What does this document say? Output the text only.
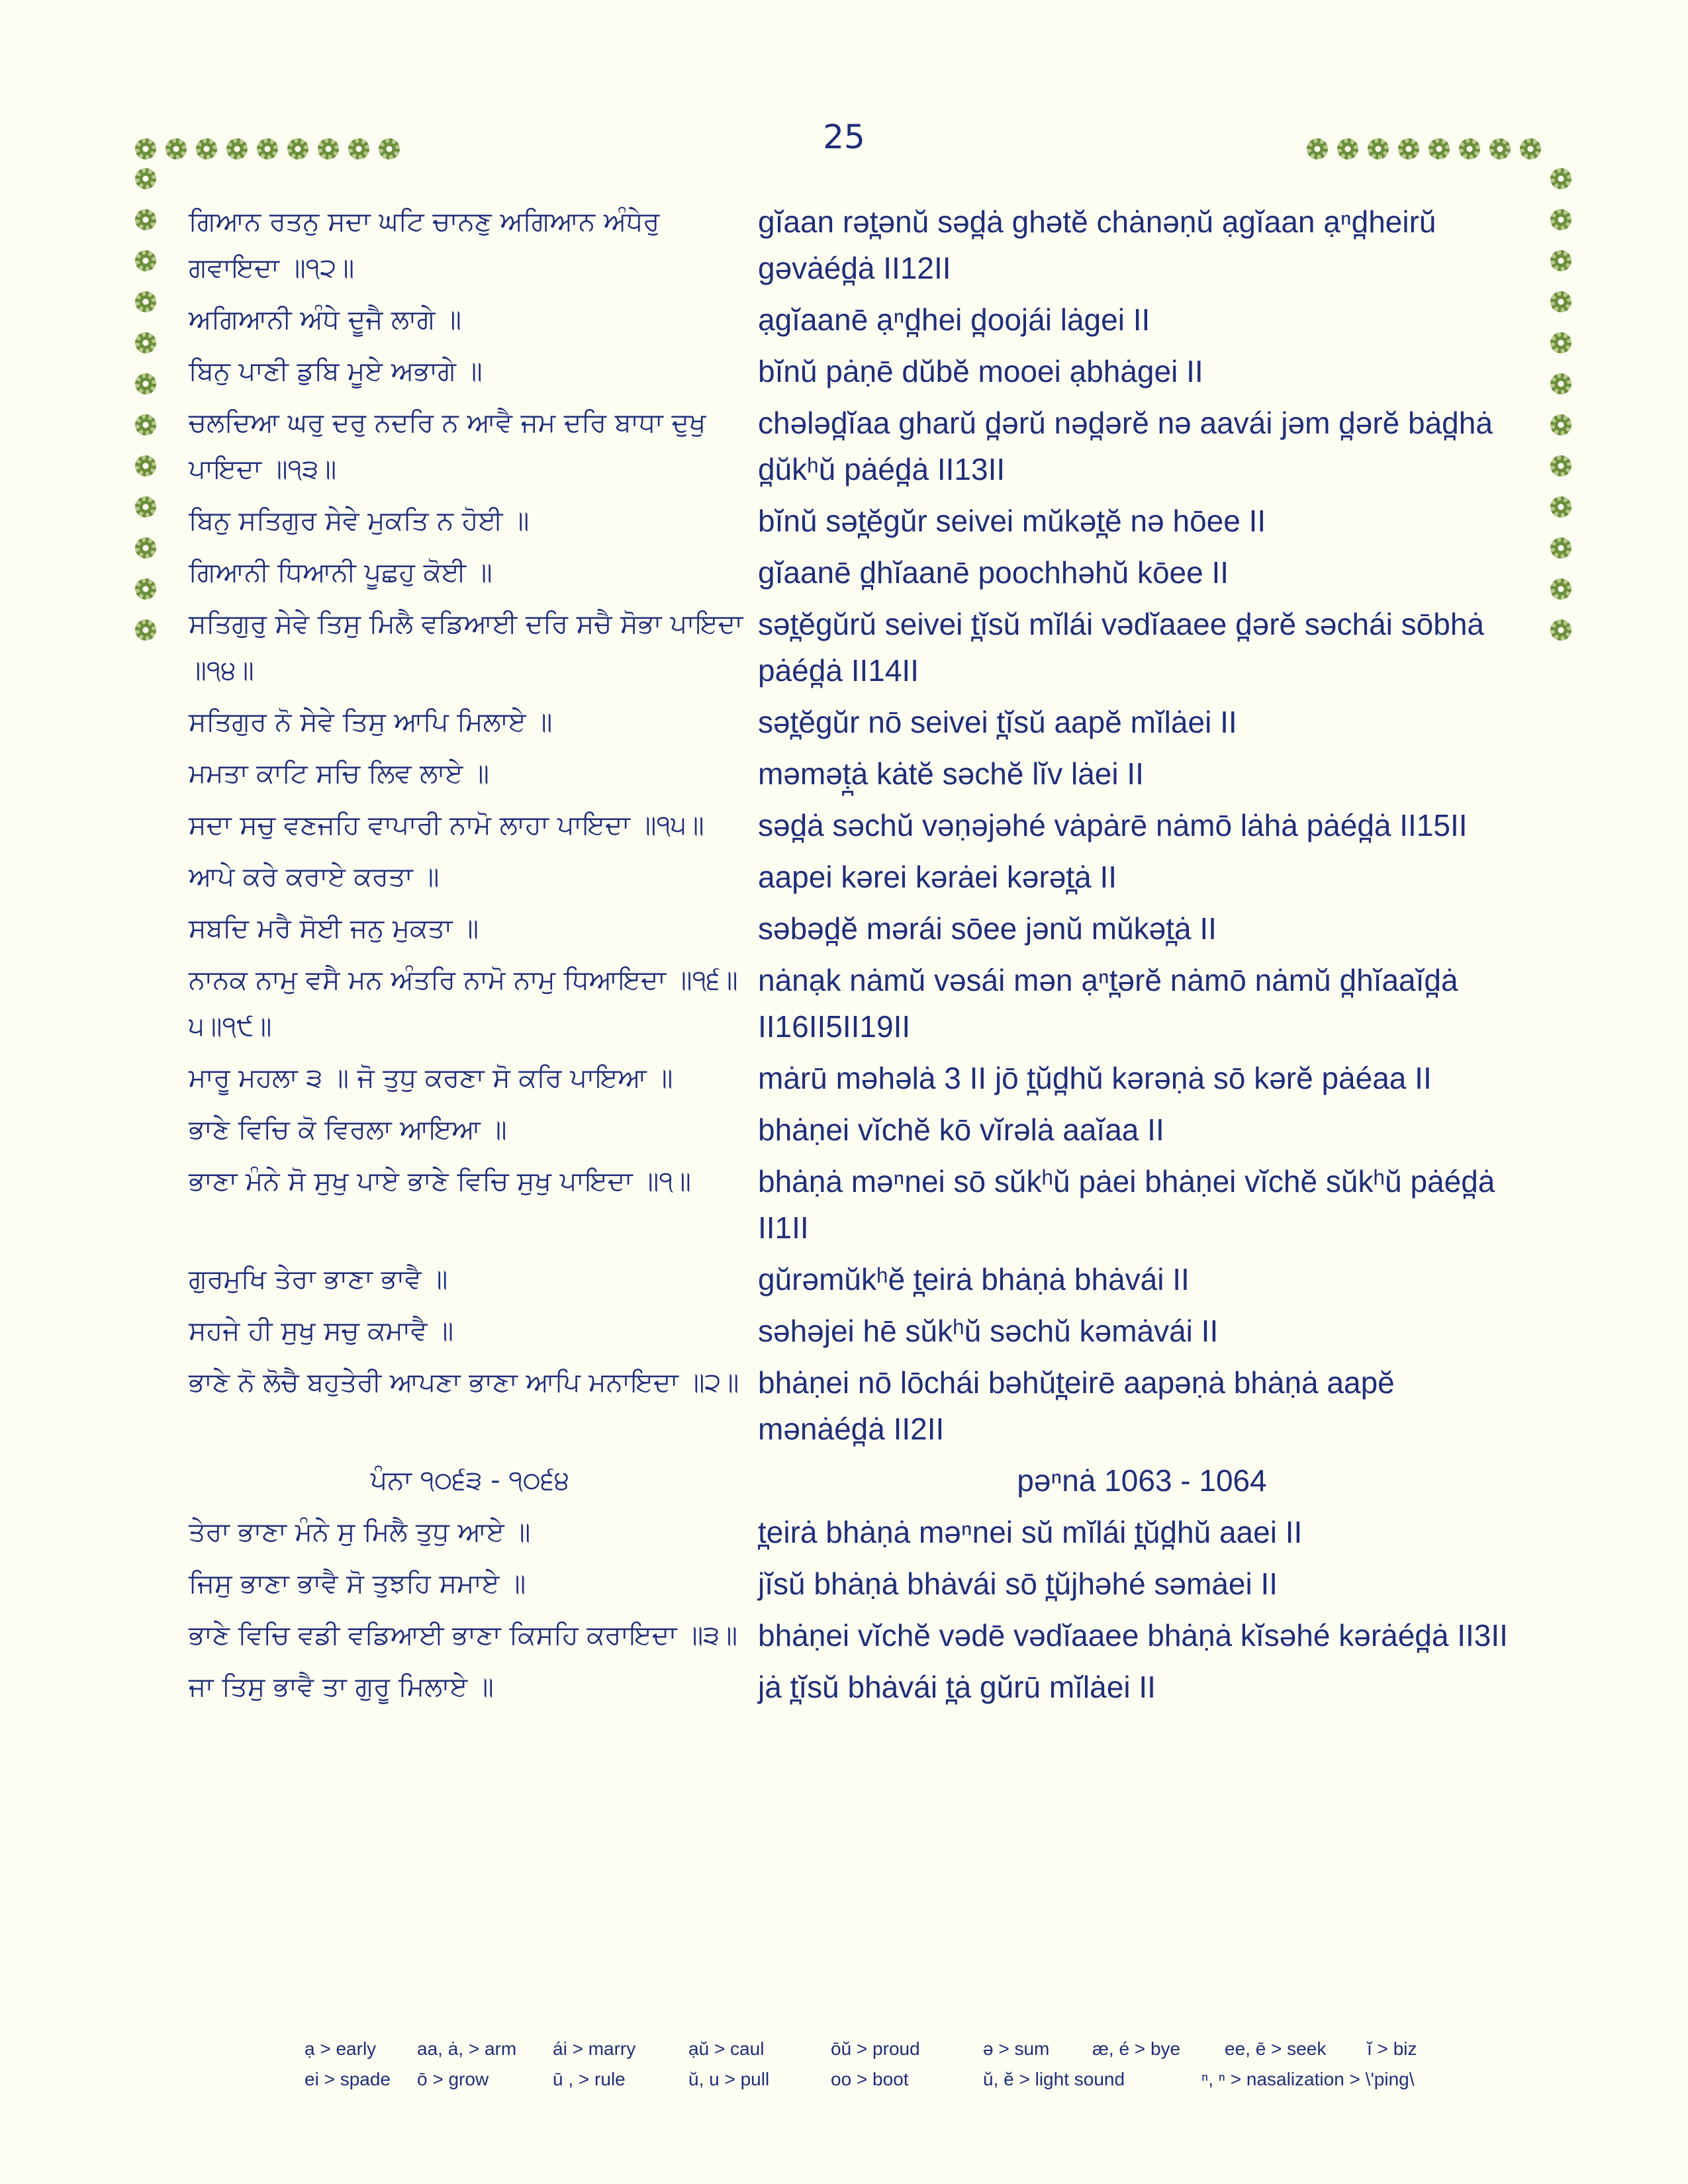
25
ਗਿਆਨ ਰਤਨੁ ਸਦਾ ਘਟਿ ਚਾਨਣੁ ਅਗਿਆਨ ਅੰਧੇਰੁ ਗਵਾਇਦਾ ॥੧੨॥
gĭaan rət̪ənŭ səd̪ȧ ghətĕ chȧnəṇŭ ạgĭaan ạⁿd̪heirŭ gəvȧéd̪ȧ II12II
ਅਗਿਆਨੀ ਅੰਧੇ ਦੂਜੈ ਲਾਗੇ ॥	ạgĭaanē ạⁿd̪hei d̪oojái lȧgei II
ਬਿਨੁ ਪਾਣੀ ਡੁਬਿ ਮੂਏ ਅਭਾਗੇ ॥	bĭnŭ pȧṇē dŭbĕ mooei ạbhȧgei II
ਚਲਦਿਆ ਘਰੁ ਦਰੁ ਨਦਰਿ ਨ ਆਵੈ ਜਮ ਦਰਿ ਬਾਧਾ ਦੁਖੁ ਪਾਇਦਾ ॥੧੩॥
chələd̪ĭaa gharŭ d̪ərŭ nəd̪ərĕ nə aavái jəm d̪ərĕ bȧd̪hȧ d̪ŭkʰŭ pȧéd̪ȧ II13II
ਬਿਨੁ ਸਤਿਗੁਰ ਸੇਵੇ ਮੁਕਤਿ ਨ ਹੋਈ ॥	bĭnŭ sət̪ĕgŭr seivei mŭkət̪ĕ nə hōee II
ਗਿਆਨੀ ਧਿਆਨੀ ਪੂਛਹੁ ਕੋਈ ॥	gĭaanē d̪hĭaanē poochhəhŭ kōee II
ਸਤਿਗੁਰੁ ਸੇਵੇ ਤਿਸੁ ਮਿਲੈ ਵਡਿਆਈ ਦਰਿ ਸਚੈ ਸੋਭਾ ਪਾਇਦਾ ॥੧੪॥
sət̪ĕgŭrŭ seivei t̪ĭsŭ mĭlái vədĭaaee d̪ərĕ səchái sōbhȧ pȧéd̪ȧ II14II
ਸਤਿਗੁਰ ਨੋ ਸੇਵੇ ਤਿਸੁ ਆਪਿ ਮਿਲਾਏ ॥	sət̪ĕgŭr nō seivei t̪ĭsŭ aapĕ mĭlȧei II
ਮਮਤਾ ਕਾਟਿ ਸਚਿ ਲਿਵ ਲਾਏ ॥	məməṭ̪ȧ kȧtĕ səchĕ lĭv lȧei II
ਸਦਾ ਸਚੁ ਵਣਜਹਿ ਵਾਪਾਰੀ ਨਾਮੋ ਲਾਹਾ ਪਾਇਦਾ ॥੧੫॥	səd̪ȧ səchŭ vəṇəjəhé vȧpȧrē nȧmō lȧhȧ pȧéd̪ȧ II15II
ਆਪੇ ਕਰੇ ਕਰਾਏ ਕਰਤਾ ॥	aapei kərei kərȧei kərət̪ȧ II
ਸਬਦਿ ਮਰੈ ਸੋਈ ਜਨੁ ਮੁਕਤਾ ॥	səbəd̪ĕ mərái sōee jənŭ mŭkət̪ȧ II
ਨਾਨਕ ਨਾਮੁ ਵਸੈ ਮਨ ਅੰਤਰਿ ਨਾਮੋ ਨਾਮੁ ਧਿਆਇਦਾ ॥੧੬॥੫॥੧੯॥
nȧnạk nȧmŭ vəsái mən ạⁿt̪ərĕ nȧmō nȧmŭ d̪hĭaaĭd̪ȧ II16II5II19II
ਮਾਰੂ ਮਹਲਾ ੩ ॥ ਜੋ ਤੁਧੁ ਕਰਣਾ ਸੋ ਕਰਿ ਪਾਇਆ ॥	mȧrū məhəlȧ 3 II jō t̪ŭd̪hŭ kərəṇȧ sō kərĕ pȧéaa II
ਭਾਣੇ ਵਿਚਿ ਕੋ ਵਿਰਲਾ ਆਇਆ ॥	bhȧṇei vĭchĕ kō vĭrəlȧ aaĭaa II
ਭਾਣਾ ਮੰਨੇ ਸੋ ਸੁਖੁ ਪਾਏ ਭਾਣੇ ਵਿਚਿ ਸੁਖੁ ਪਾਇਦਾ ॥੧॥	bhȧṇȧ məⁿnei sō sŭkʰŭ pȧei bhȧṇei vĭchĕ sŭkʰŭ pȧéd̪ȧ II1II
ਗੁਰਮੁਖਿ ਤੇਰਾ ਭਾਣਾ ਭਾਵੈ ॥	gŭrəmŭkʰĕ t̪eirȧ bhȧṇȧ bhȧvái II
ਸਹਜੇ ਹੀ ਸੁਖੁ ਸਚੁ ਕਮਾਵੈ ॥	səhəjei hē sŭkʰŭ səchŭ kəmȧvái II
ਭਾਣੇ ਨੋ ਲੋਚੈ ਬਹੁਤੇਰੀ ਆਪਣਾ ਭਾਣਾ ਆਪਿ ਮਨਾਇਦਾ ॥੨॥ bhȧṇei nō lōchái bəhŭt̪eirē aapəṇȧ bhȧṇȧ aapĕ mənȧéd̪ȧ II2II
ਪੰਨਾ ੧੦੬੩ - ੧੦੬੪	pəⁿnȧ 1063 - 1064
ਤੇਰਾ ਭਾਣਾ ਮੰਨੇ ਸੁ ਮਿਲੈ ਤੁਧੁ ਆਏ ॥	t̪eirȧ bhȧṇȧ məⁿnei sŭ mĭlái t̪ŭd̪hŭ aaei II
ਜਿਸੁ ਭਾਣਾ ਭਾਵੈ ਸੋ ਤੁਝਹਿ ਸਮਾਏ ॥	jĭsŭ bhȧṇȧ bhȧvái sō t̪ŭjhəhé səmȧei II
ਭਾਣੇ ਵਿਚਿ ਵਡੀ ਵਡਿਆਈ ਭਾਣਾ ਕਿਸਹਿ ਕਰਾਇਦਾ ॥੩॥ bhȧṇei vĭchĕ vədē vədĭaaee bhȧṇȧ kĭsəhé kərȧéd̪ȧ II3II
ਜਾ ਤਿਸੁ ਭਾਵੈ ਤਾ ਗੁਰੂ ਮਿਲਾਏ ॥	jȧ t̪ĭsŭ bhȧvái t̪ȧ gŭrū mĭlȧei II
ạ > early	aa, ȧ, > arm	ái > marry	ạŭ > caul	ōŭ > proud	ə > sum	æ, é > bye	ee, ē > seek	ĭ > biz
ei > spade	ō > grow	ū , > rule	ŭ, u > pull	oo > boot	ŭ, ĕ > light sound	ⁿ, ⁿ > nasalization > \'ping\
